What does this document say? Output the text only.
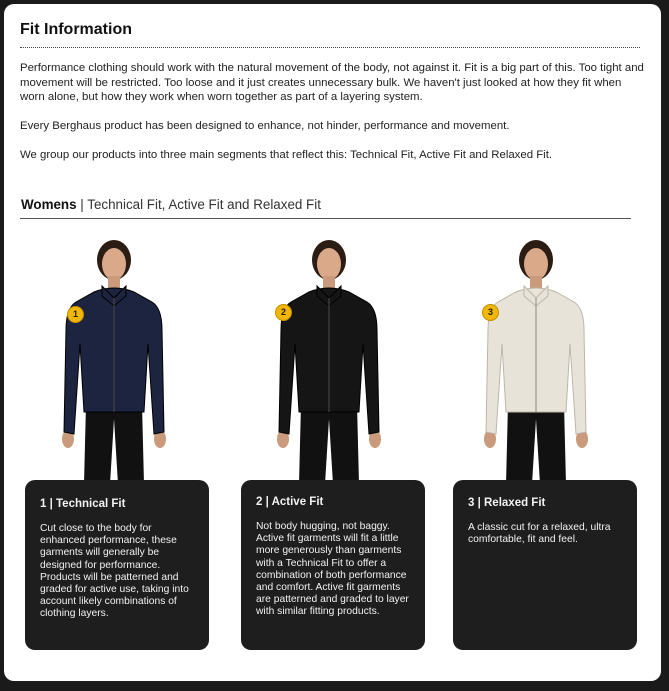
Fit Information

Performance clothing should work with the natural movement of the body, not against it. Fit is a big part of this. Too tight and movement will be restricted. Too loose and it just creates unnecessary bulk. We haven't just looked at how they fit when worn alone, but how they work when worn together as part of a layering system.

Every Berghaus product has been designed to enhance, not hinder, performance and movement.

We group our products into three main segments that reflect this: Technical Fit, Active Fit and Relaxed Fit.

Womens | Technical Fit, Active Fit and Relaxed Fit
1	2	3
1 | Technical Fit
Cut close to the body for enhanced performance, these garments will generally be designed for performance. Products will be patterned and graded for active use, taking into account likely combinations of clothing layers.
2 | Active Fit
Not body hugging, not baggy. Active fit garments will fit a little more generously than garments with a Technical Fit to offer a combination of both performance and comfort. Active fit garments are patterned and graded to layer with similar fitting products.
3 | Relaxed Fit
A classic cut for a relaxed, ultra comfortable, fit and feel.
